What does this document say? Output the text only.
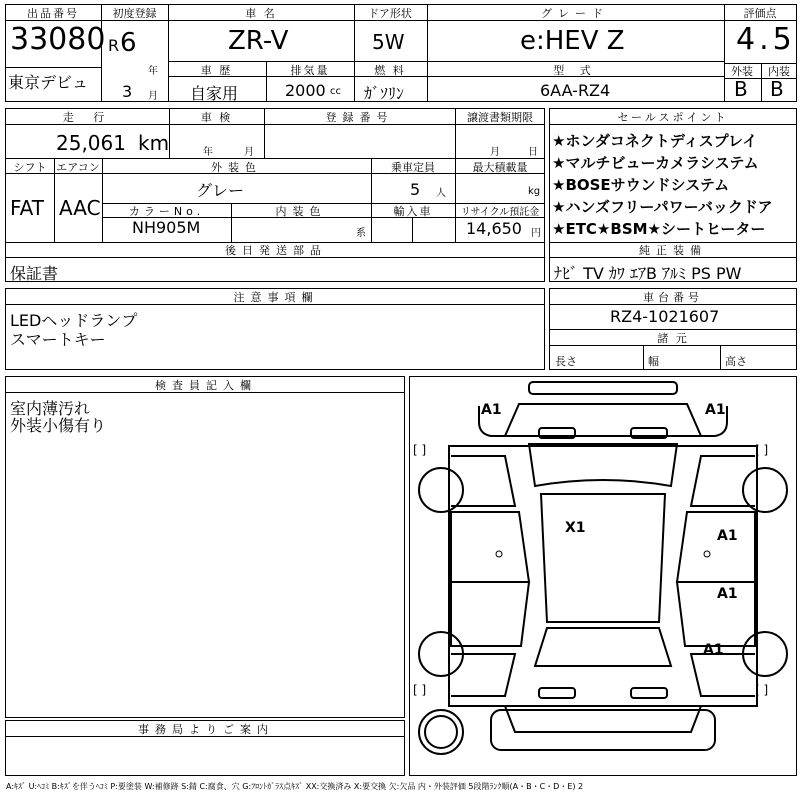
出品番号
33080
東京デビュ
初度登録
R 6
年
3 月
車 名
ZR-V
ドア形状
5W
グレード
e:HEV Z
評価点
4.5
車 歴
自家用
排気量
2000 cc
燃 料
ｶﾞｿﾘﾝ
型 式
6AA-RZ4
外装	内装
B B
走 行
25,061 km
車 検
年	月
登録番号	譲渡書類期限
月	日
シフト
FAT
エアコン
AAC
外装色
グレー
乗車定員
5 人
最大積載量
kg
カラーNo.
NH905M
内装色
系
輸入車	リサイクル預託金
14,650 円
後日発送部品
保証書
セールスポイント
★ホンダコネクトディスプレイ
★マルチビューカメラシステム
★BOSEサウンドシステム
★ハンズフリーパワーバックドア
★ETC★BSM★シートヒーター
純正装備
ﾅﾋﾞ TV ｶﾜ ｴｱB ｱﾙﾐ PS PW
注意事項欄
LEDヘッドランプ
スマートキー
車台番号
RZ4-1021607
諸 元
長さ	幅	高さ
検査員記入欄
室内薄汚れ
外装小傷有り
事務局よりご案内
A1	A1
X1	A1
A1
A1
[ ]	[ ]
[ ]	[ ]
A:ｷｽﾞ U:ﾍｺﾐ B:ｷｽﾞを伴うﾍｺﾐ P:要塗装 W:補修跡 S:錆 C:腐食、穴 G:ﾌﾛﾝﾄｶﾞﾗｽ点ｷｽﾞ XX:交換済み X:要交換 欠:欠品 内・外装評価 5段階ﾗﾝｸ順(A・B・C・D・E) 2
